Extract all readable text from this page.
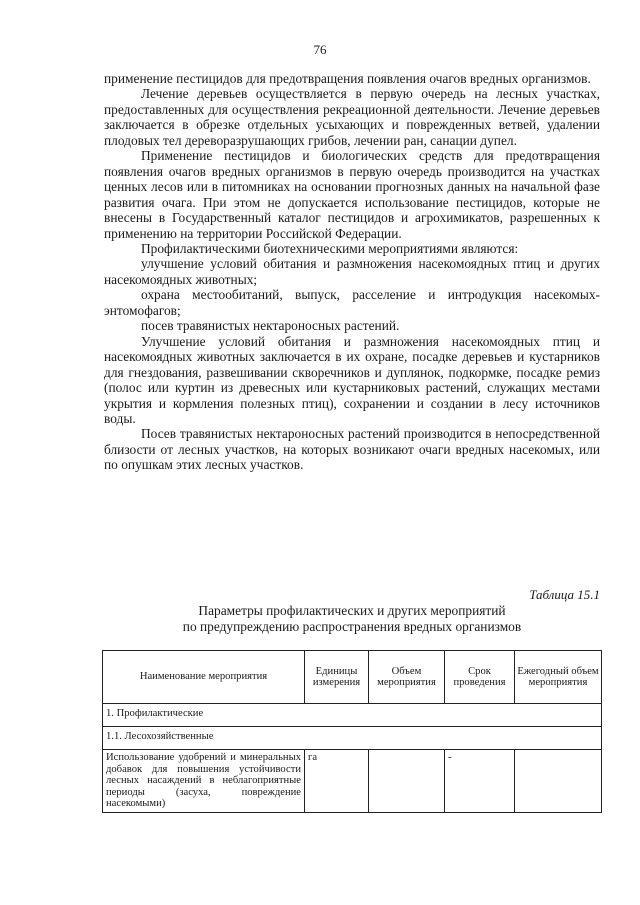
76

применение пестицидов для предотвращения появления очагов вредных организмов.

Лечение деревьев осуществляется в первую очередь на лесных участках, предоставленных для осуществления рекреационной деятельности. Лечение деревьев заключается в обрезке отдельных усыхающих и поврежденных ветвей, удалении плодовых тел дереворазрушающих грибов, лечении ран, санации дупел.

Применение пестицидов и биологических средств для предотвращения появления очагов вредных организмов в первую очередь производится на участках ценных лесов или в питомниках на основании прогнозных данных на начальной фазе развития очага. При этом не допускается использование пестицидов, которые не внесены в Государственный каталог пестицидов и агрохимикатов, разрешенных к применению на территории Российской Федерации.

Профилактическими биотехническими мероприятиями являются:

улучшение условий обитания и размножения насекомоядных птиц и других насекомоядных животных;

охрана местообитаний, выпуск, расселение и интродукция насекомых-энтомофагов;

посев травянистых нектароносных растений.

Улучшение условий обитания и размножения насекомоядных птиц и насекомоядных животных заключается в их охране, посадке деревьев и кустарников для гнездования, развешивании скворечников и дуплянок, подкормке, посадке ремиз (полос или куртин из древесных или кустарниковых растений, служащих местами укрытия и кормления полезных птиц), сохранении и создании в лесу источников воды.

Посев травянистых нектароносных растений производится в непосредственной близости от лесных участков, на которых возникают очаги вредных насекомых, или по опушкам этих лесных участков.

Таблица 15.1
Параметры профилактических и других мероприятий
по предупреждению распространения вредных организмов
Наименование мероприятия	Единицы измерения	Объем мероприятия	Срок проведения	Ежегодный объем мероприятия
1. Профилактические				
1.1. Лесохозяйственные				
Использование удобрений и минеральных добавок для повышения устойчивости лесных насаждений в неблагоприятные периоды (засуха, повреждение насекомыми)	га		-	
